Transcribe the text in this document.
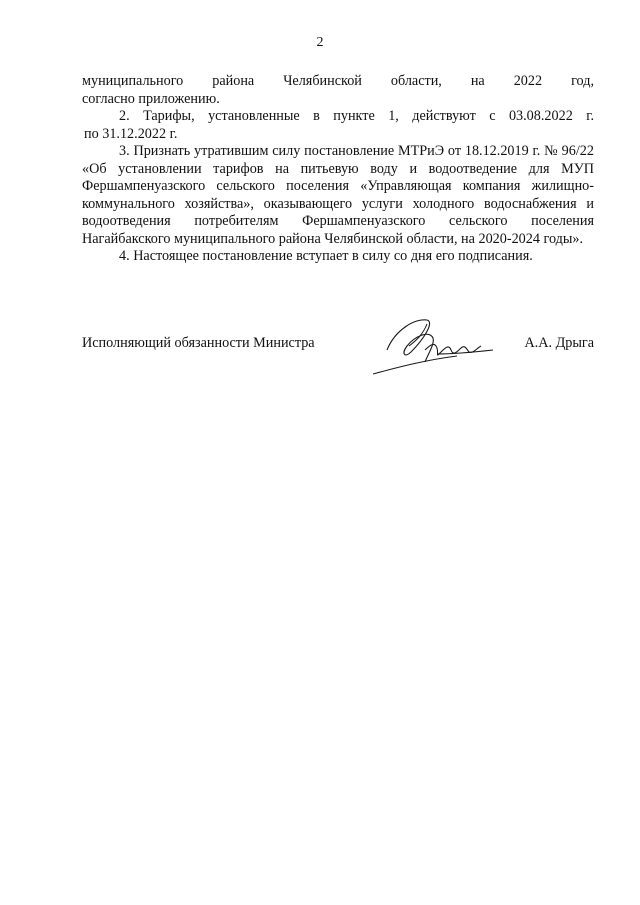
2

муниципального района Челябинской области, на 2022 год,

согласно приложению.

2. Тарифы, установленные в пункте 1, действуют с 03.08.2022 г.

по 31.12.2022 г.

3. Признать утратившим силу постановление МТРиЭ от 18.12.2019 г. № 96/22 «Об установлении тарифов на питьевую воду и водоотведение для МУП Фершампенуазского сельского поселения «Управляющая компания жилищно-коммунального хозяйства», оказывающего услуги холодного водоснабжения и водоотведения потребителям Фершампенуазского сельского поселения Нагайбакского муниципального района Челябинской области, на 2020-2024 годы».

4. Настоящее постановление вступает в силу со дня его подписания.

Исполняющий обязанности Министра	А.А. Дрыга
